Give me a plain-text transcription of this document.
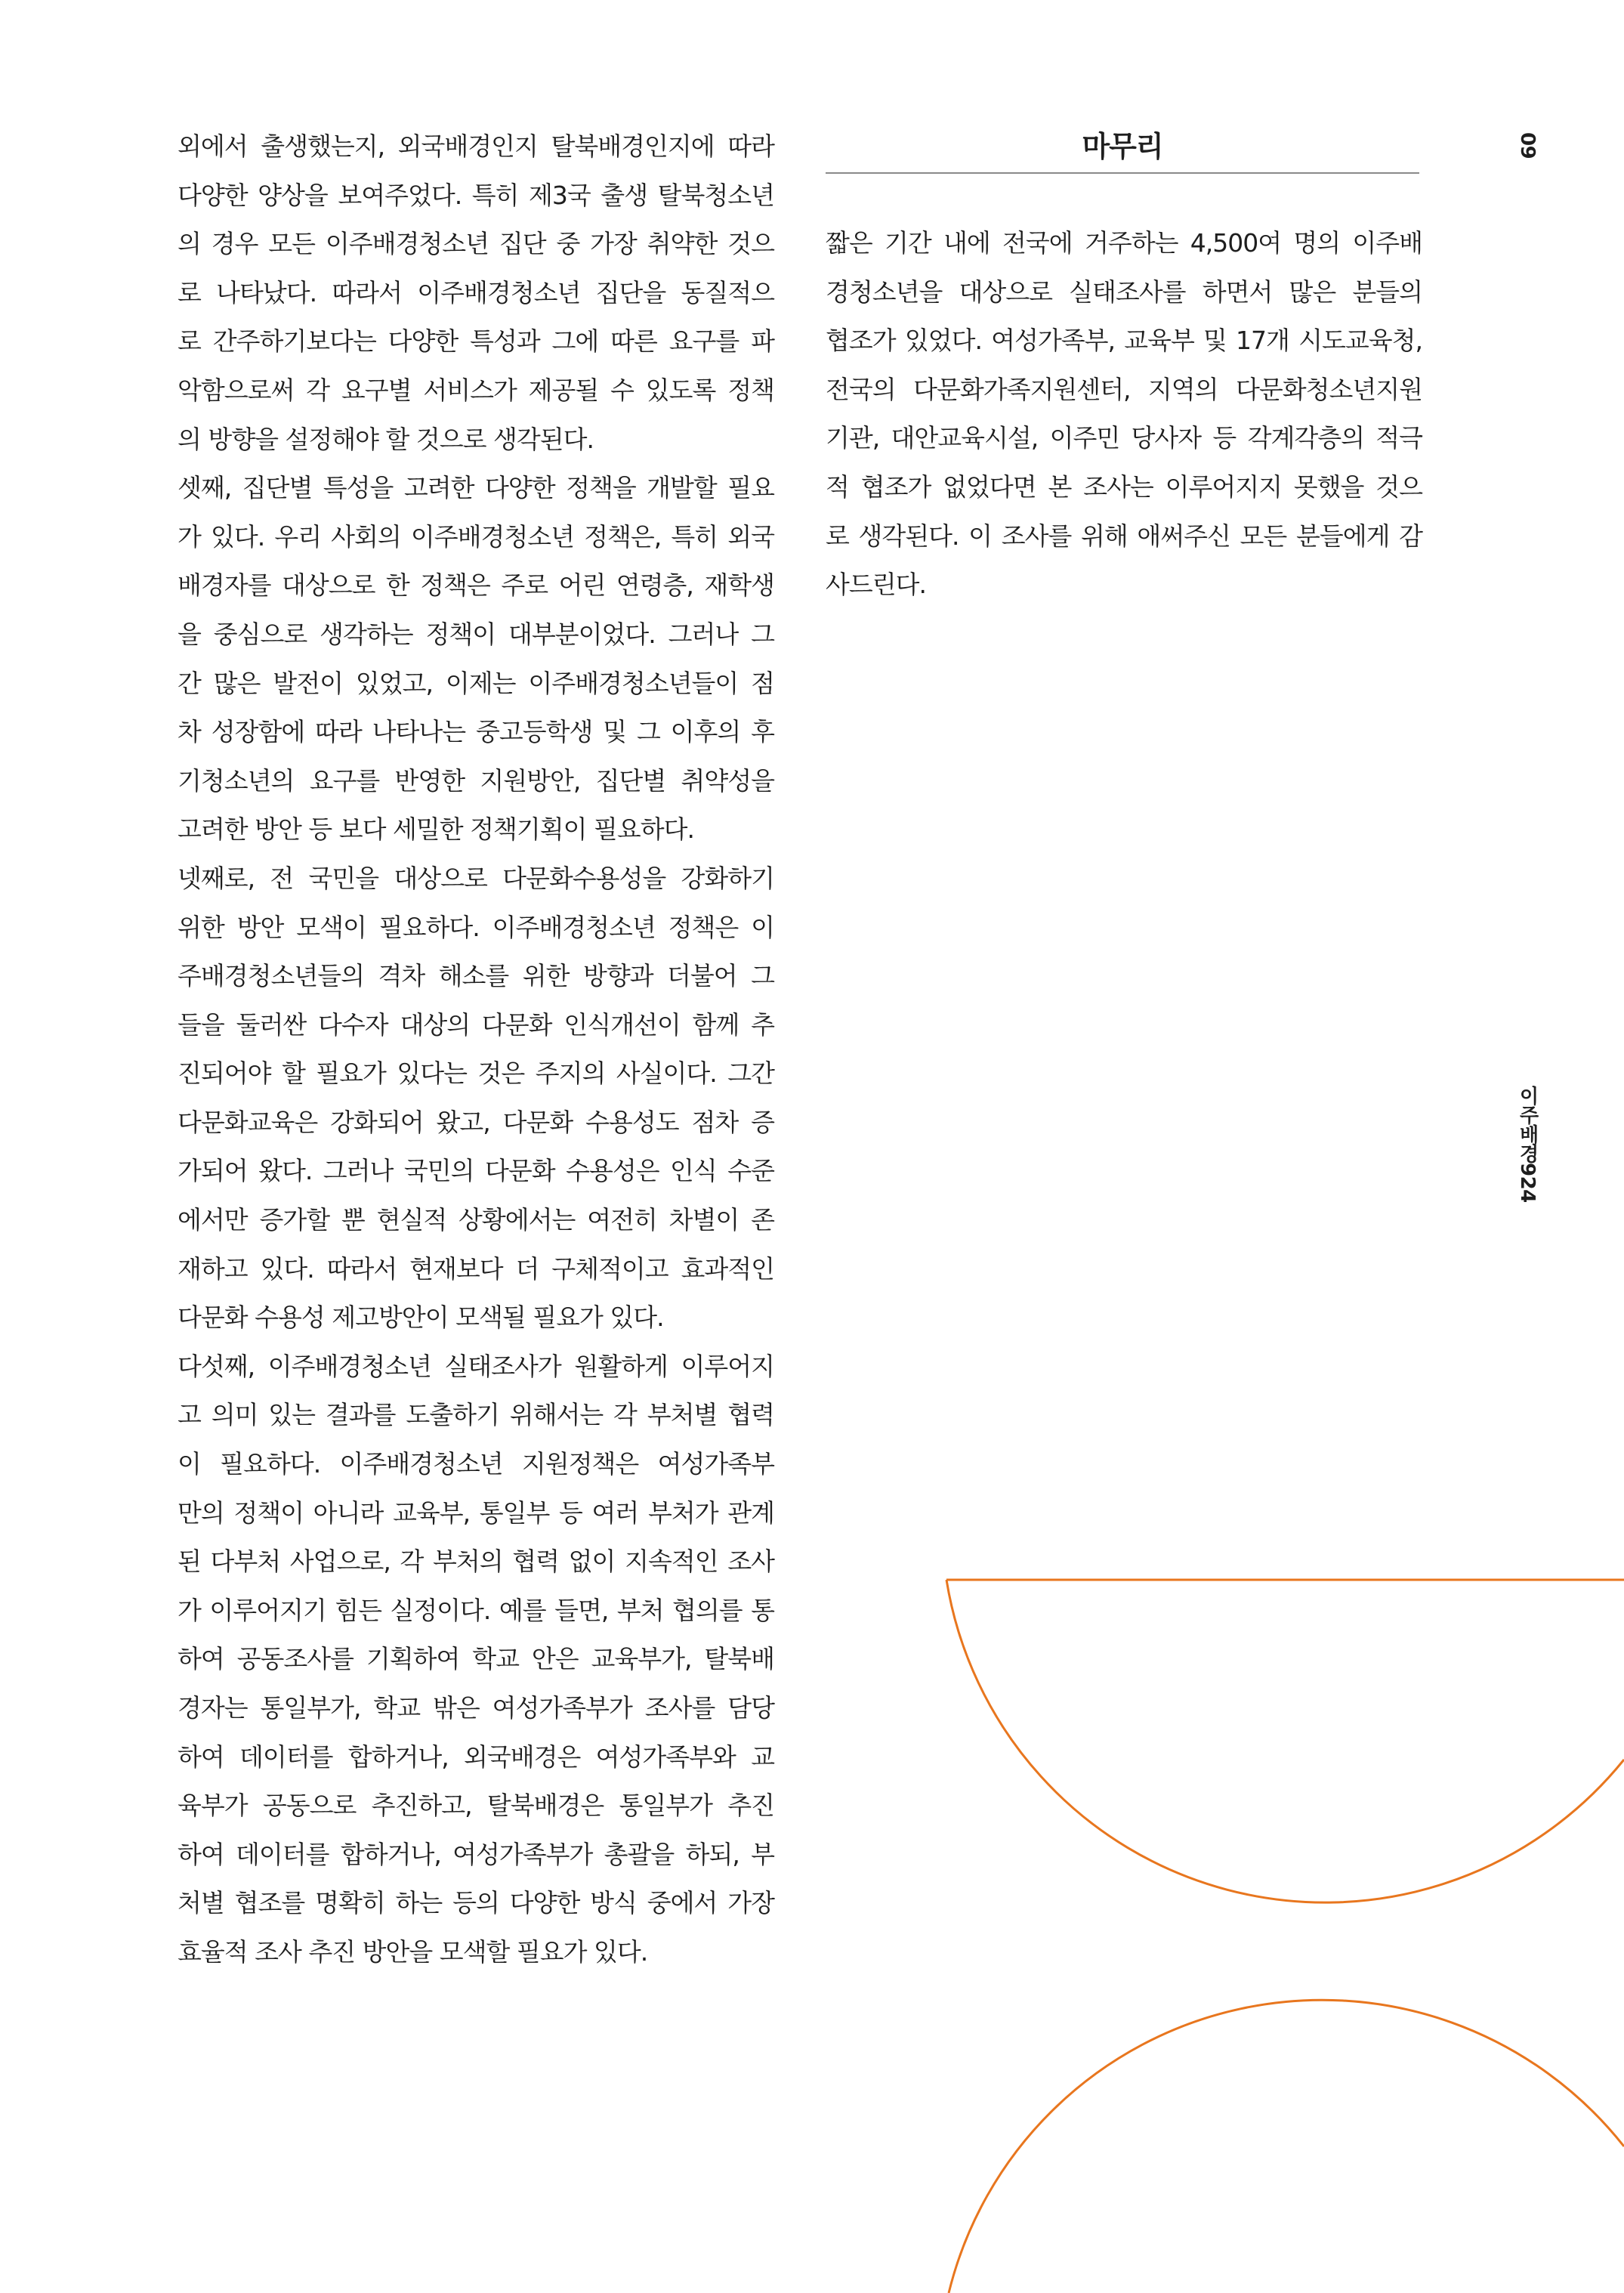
외에서 출생했는지, 외국배경인지 탈북배경인지에 따라
다양한 양상을 보여주었다. 특히 제3국 출생 탈북청소년
의 경우 모든 이주배경청소년 집단 중 가장 취약한 것으
로 나타났다. 따라서 이주배경청소년 집단을 동질적으
로 간주하기보다는 다양한 특성과 그에 따른 요구를 파
악함으로써 각 요구별 서비스가 제공될 수 있도록 정책
의 방향을 설정해야 할 것으로 생각된다.
셋째, 집단별 특성을 고려한 다양한 정책을 개발할 필요
가 있다. 우리 사회의 이주배경청소년 정책은, 특히 외국
배경자를 대상으로 한 정책은 주로 어린 연령층, 재학생
을 중심으로 생각하는 정책이 대부분이었다. 그러나 그
간 많은 발전이 있었고, 이제는 이주배경청소년들이 점
차 성장함에 따라 나타나는 중고등학생 및 그 이후의 후
기청소년의 요구를 반영한 지원방안, 집단별 취약성을
고려한 방안 등 보다 세밀한 정책기획이 필요하다.
넷째로, 전 국민을 대상으로 다문화수용성을 강화하기
위한 방안 모색이 필요하다. 이주배경청소년 정책은 이
주배경청소년들의 격차 해소를 위한 방향과 더불어 그
들을 둘러싼 다수자 대상의 다문화 인식개선이 함께 추
진되어야 할 필요가 있다는 것은 주지의 사실이다. 그간
다문화교육은 강화되어 왔고, 다문화 수용성도 점차 증
가되어 왔다. 그러나 국민의 다문화 수용성은 인식 수준
에서만 증가할 뿐 현실적 상황에서는 여전히 차별이 존
재하고 있다. 따라서 현재보다 더 구체적이고 효과적인
다문화 수용성 제고방안이 모색될 필요가 있다.
다섯째, 이주배경청소년 실태조사가 원활하게 이루어지
고 의미 있는 결과를 도출하기 위해서는 각 부처별 협력
이 필요하다. 이주배경청소년 지원정책은 여성가족부
만의 정책이 아니라 교육부, 통일부 등 여러 부처가 관계
된 다부처 사업으로, 각 부처의 협력 없이 지속적인 조사
가 이루어지기 힘든 실정이다. 예를 들면, 부처 협의를 통
하여 공동조사를 기획하여 학교 안은 교육부가, 탈북배
경자는 통일부가, 학교 밖은 여성가족부가 조사를 담당
하여 데이터를 합하거나, 외국배경은 여성가족부와 교
육부가 공동으로 추진하고, 탈북배경은 통일부가 추진
하여 데이터를 합하거나, 여성가족부가 총괄을 하되, 부
처별 협조를 명확히 하는 등의 다양한 방식 중에서 가장
효율적 조사 추진 방안을 모색할 필요가 있다.
마무리
짧은 기간 내에 전국에 거주하는 4,500여 명의 이주배
경청소년을 대상으로 실태조사를 하면서 많은 분들의
협조가 있었다. 여성가족부, 교육부 및 17개 시도교육청,
전국의 다문화가족지원센터, 지역의 다문화청소년지원
기관, 대안교육시설, 이주민 당사자 등 각계각층의 적극
적 협조가 없었다면 본 조사는 이루어지지 못했을 것으
로 생각된다. 이 조사를 위해 애써주신 모든 분들에게 감
사드린다.
09
이주배경924
